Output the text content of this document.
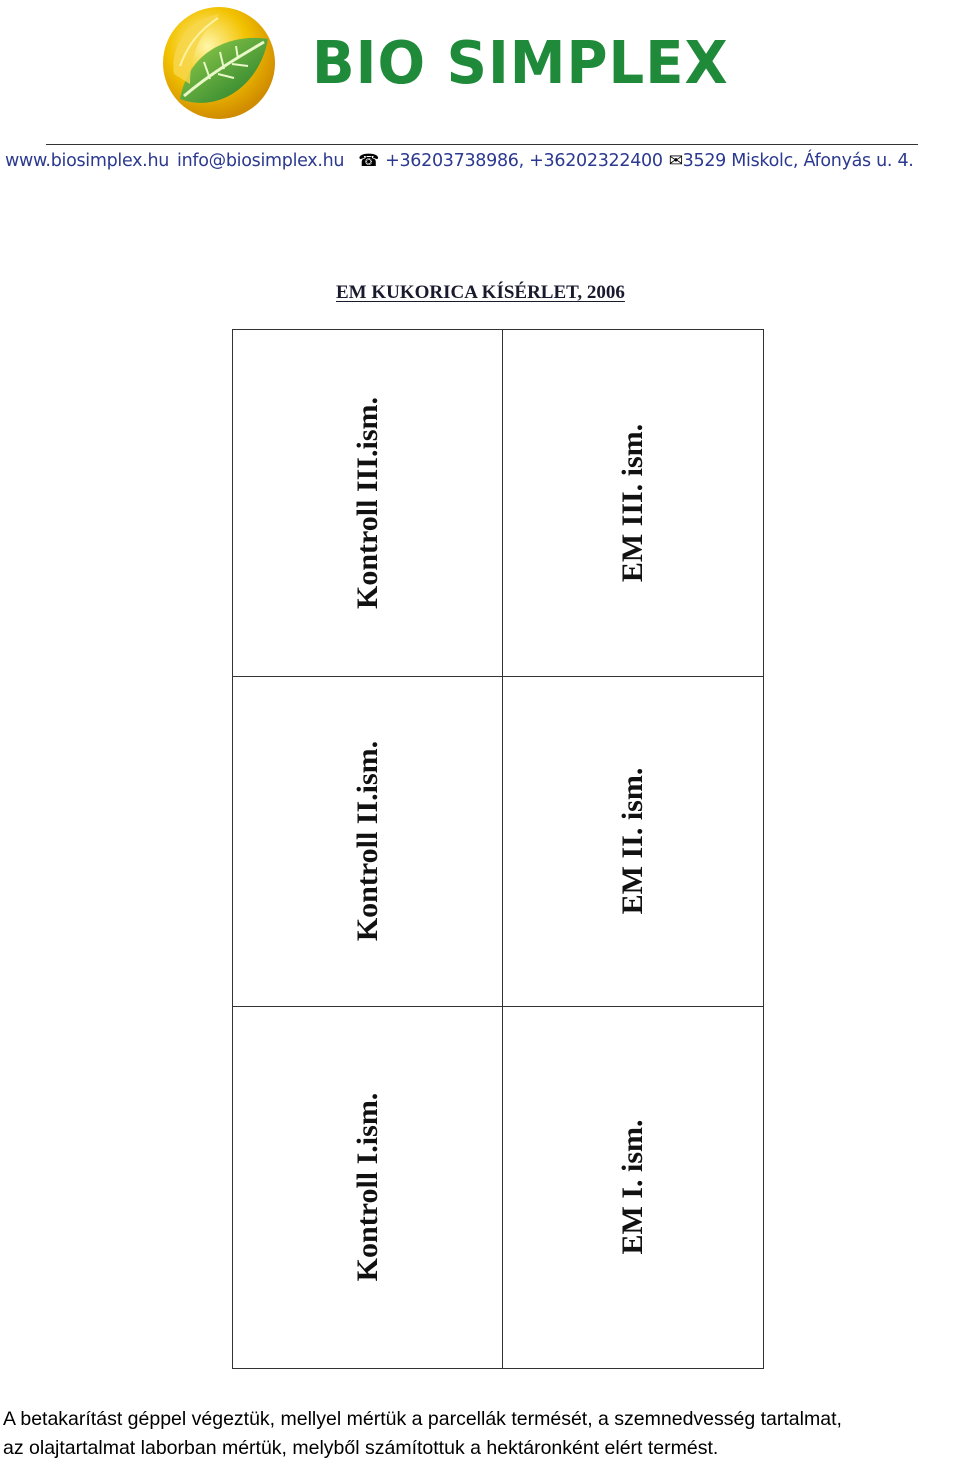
BIO SIMPLEX
www.biosimplex.hu info@biosimplex.hu ☎ +36203738986, +36202322400 ✉3529 Miskolc, Áfonyás u. 4.
EM KUKORICA KÍSÉRLET, 2006
Kontroll III.ism.	EM III. ism.
Kontroll II.ism.	EM II. ism.
Kontroll I.ism.	EM I. ism.
A betakarítást géppel végeztük, mellyel mértük a parcellák termését, a szemnedvesség tartalmat,
az olajtartalmat laborban mértük, melyből számítottuk a hektáronként elért termést.
